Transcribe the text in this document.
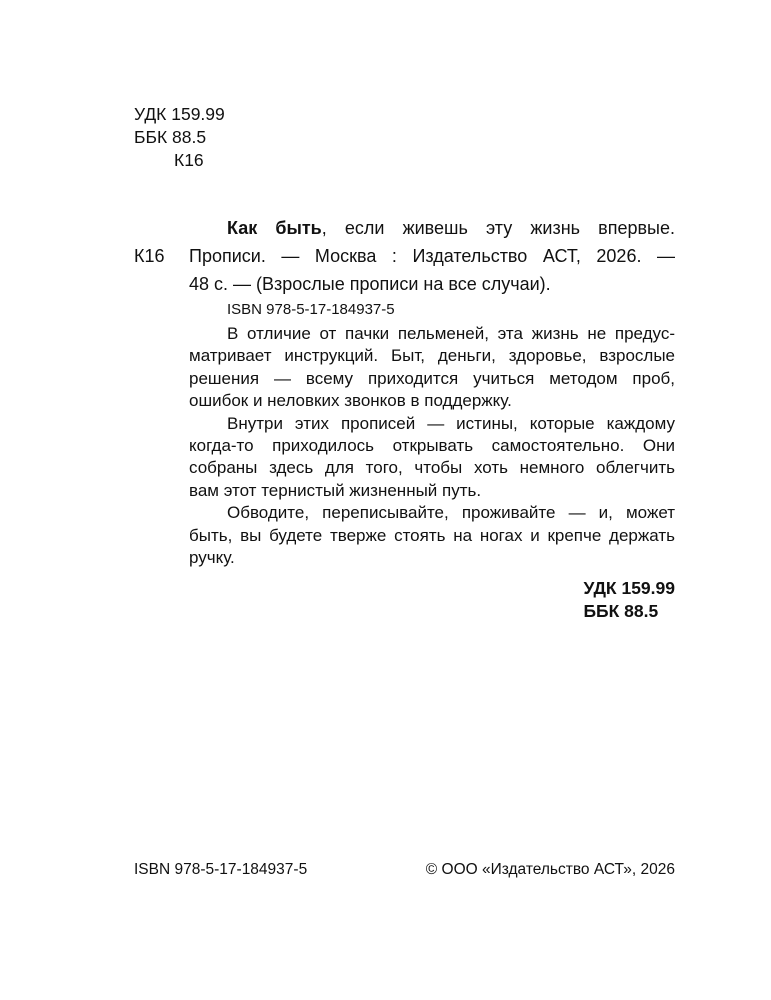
УДК 159.99
ББК 88.5
К16
К16
Как быть, если живешь эту жизнь впервые.
Прописи. — Москва : Издательство АСТ, 2026. —
48 с. — (Взрослые прописи на все случаи).
ISBN 978-5-17-184937-5
В отличие от пачки пельменей, эта жизнь не предус-
матривает инструкций. Быт, деньги, здоровье, взрослые
решения — всему приходится учиться методом проб,
ошибок и неловких звонков в поддержку.
Внутри этих прописей — истины, которые каждому
когда-то приходилось открывать самостоятельно. Они
собраны здесь для того, чтобы хоть немного облегчить
вам этот тернистый жизненный путь.
Обводите, переписывайте, проживайте — и, может
быть, вы будете тверже стоять на ногах и крепче держать
ручку.
УДК 159.99
ББК 88.5
ISBN 978-5-17-184937-5	© ООО «Издательство АСТ», 2026
